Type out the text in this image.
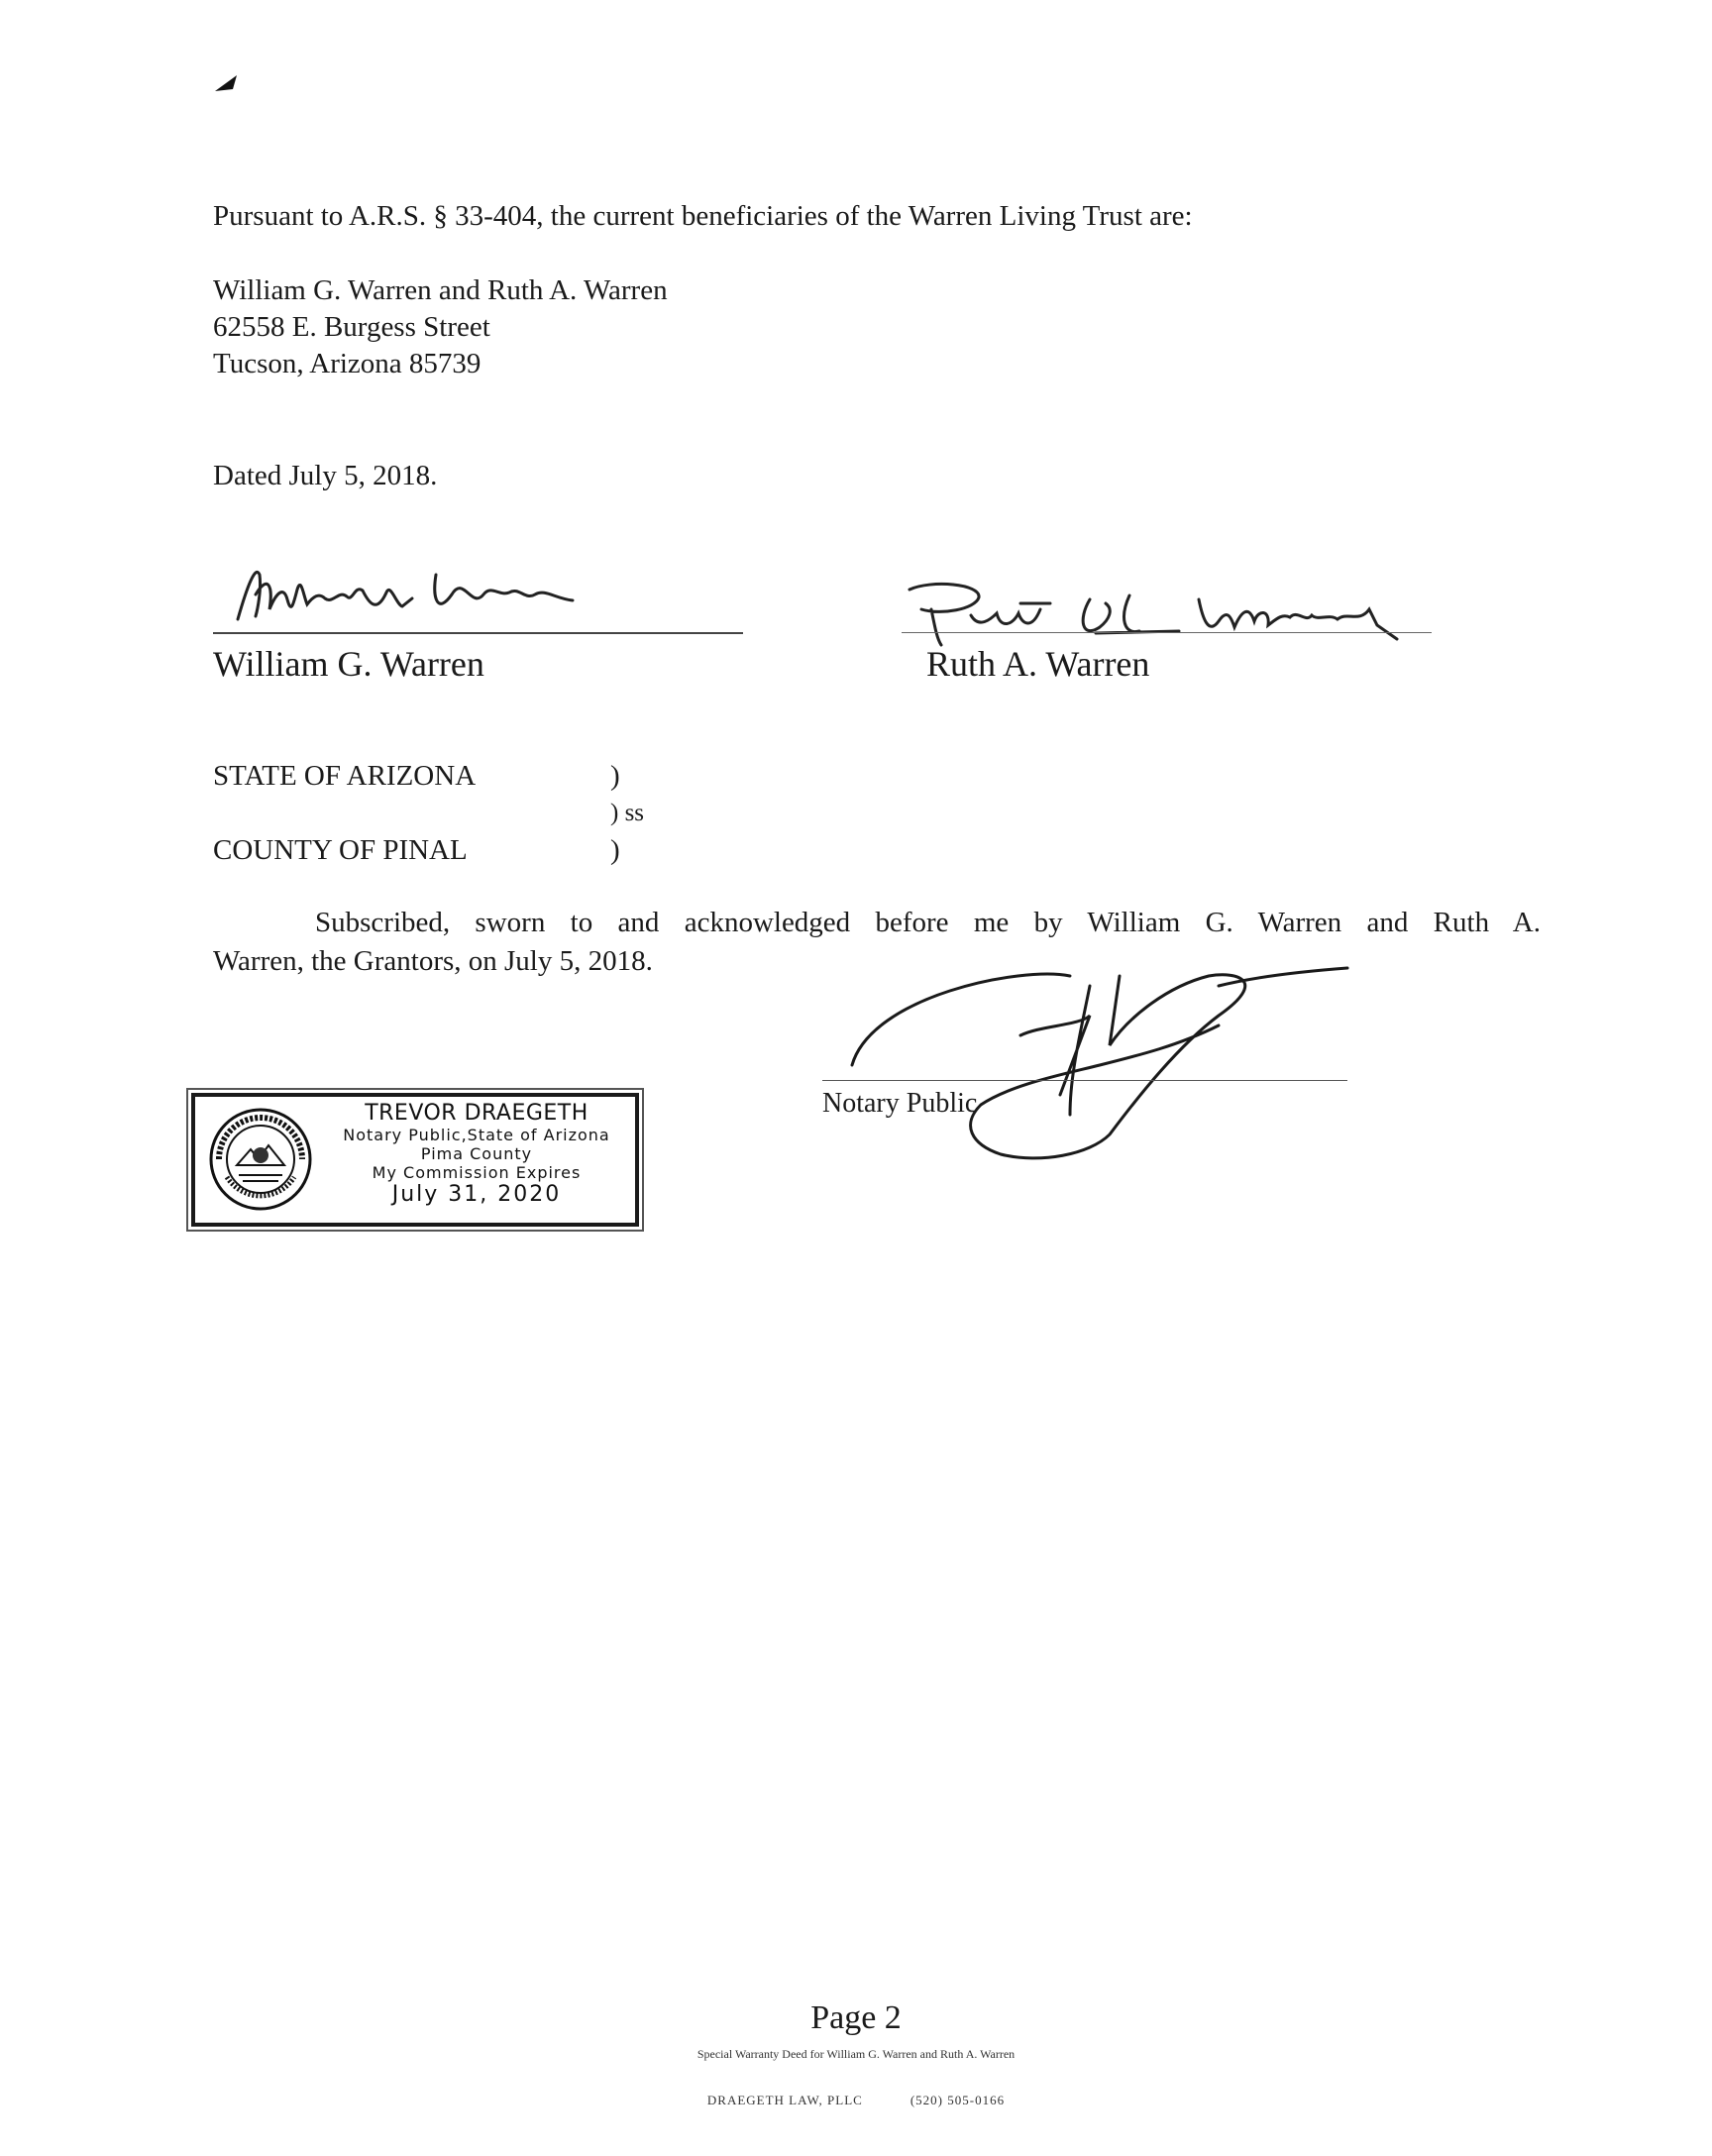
Pursuant to A.R.S. § 33-404, the current beneficiaries of the Warren Living Trust are:
William G. Warren and Ruth A. Warren
62558 E. Burgess Street
Tucson, Arizona 85739
Dated July 5, 2018.
William G. Warren	Ruth A. Warren
STATE OF ARIZONA	)
) ss
COUNTY OF PINAL	)
Subscribed, sworn to and acknowledged before me by William G. Warren and Ruth A.
Warren, the Grantors, on July 5, 2018.
Notary Public
TREVOR DRAEGETH
Notary Public,State of Arizona
Pima County
My Commission Expires
July 31, 2020
Page 2
Special Warranty Deed for William G. Warren and Ruth A. Warren
DRAEGETH LAW, PLLC	(520) 505-0166
